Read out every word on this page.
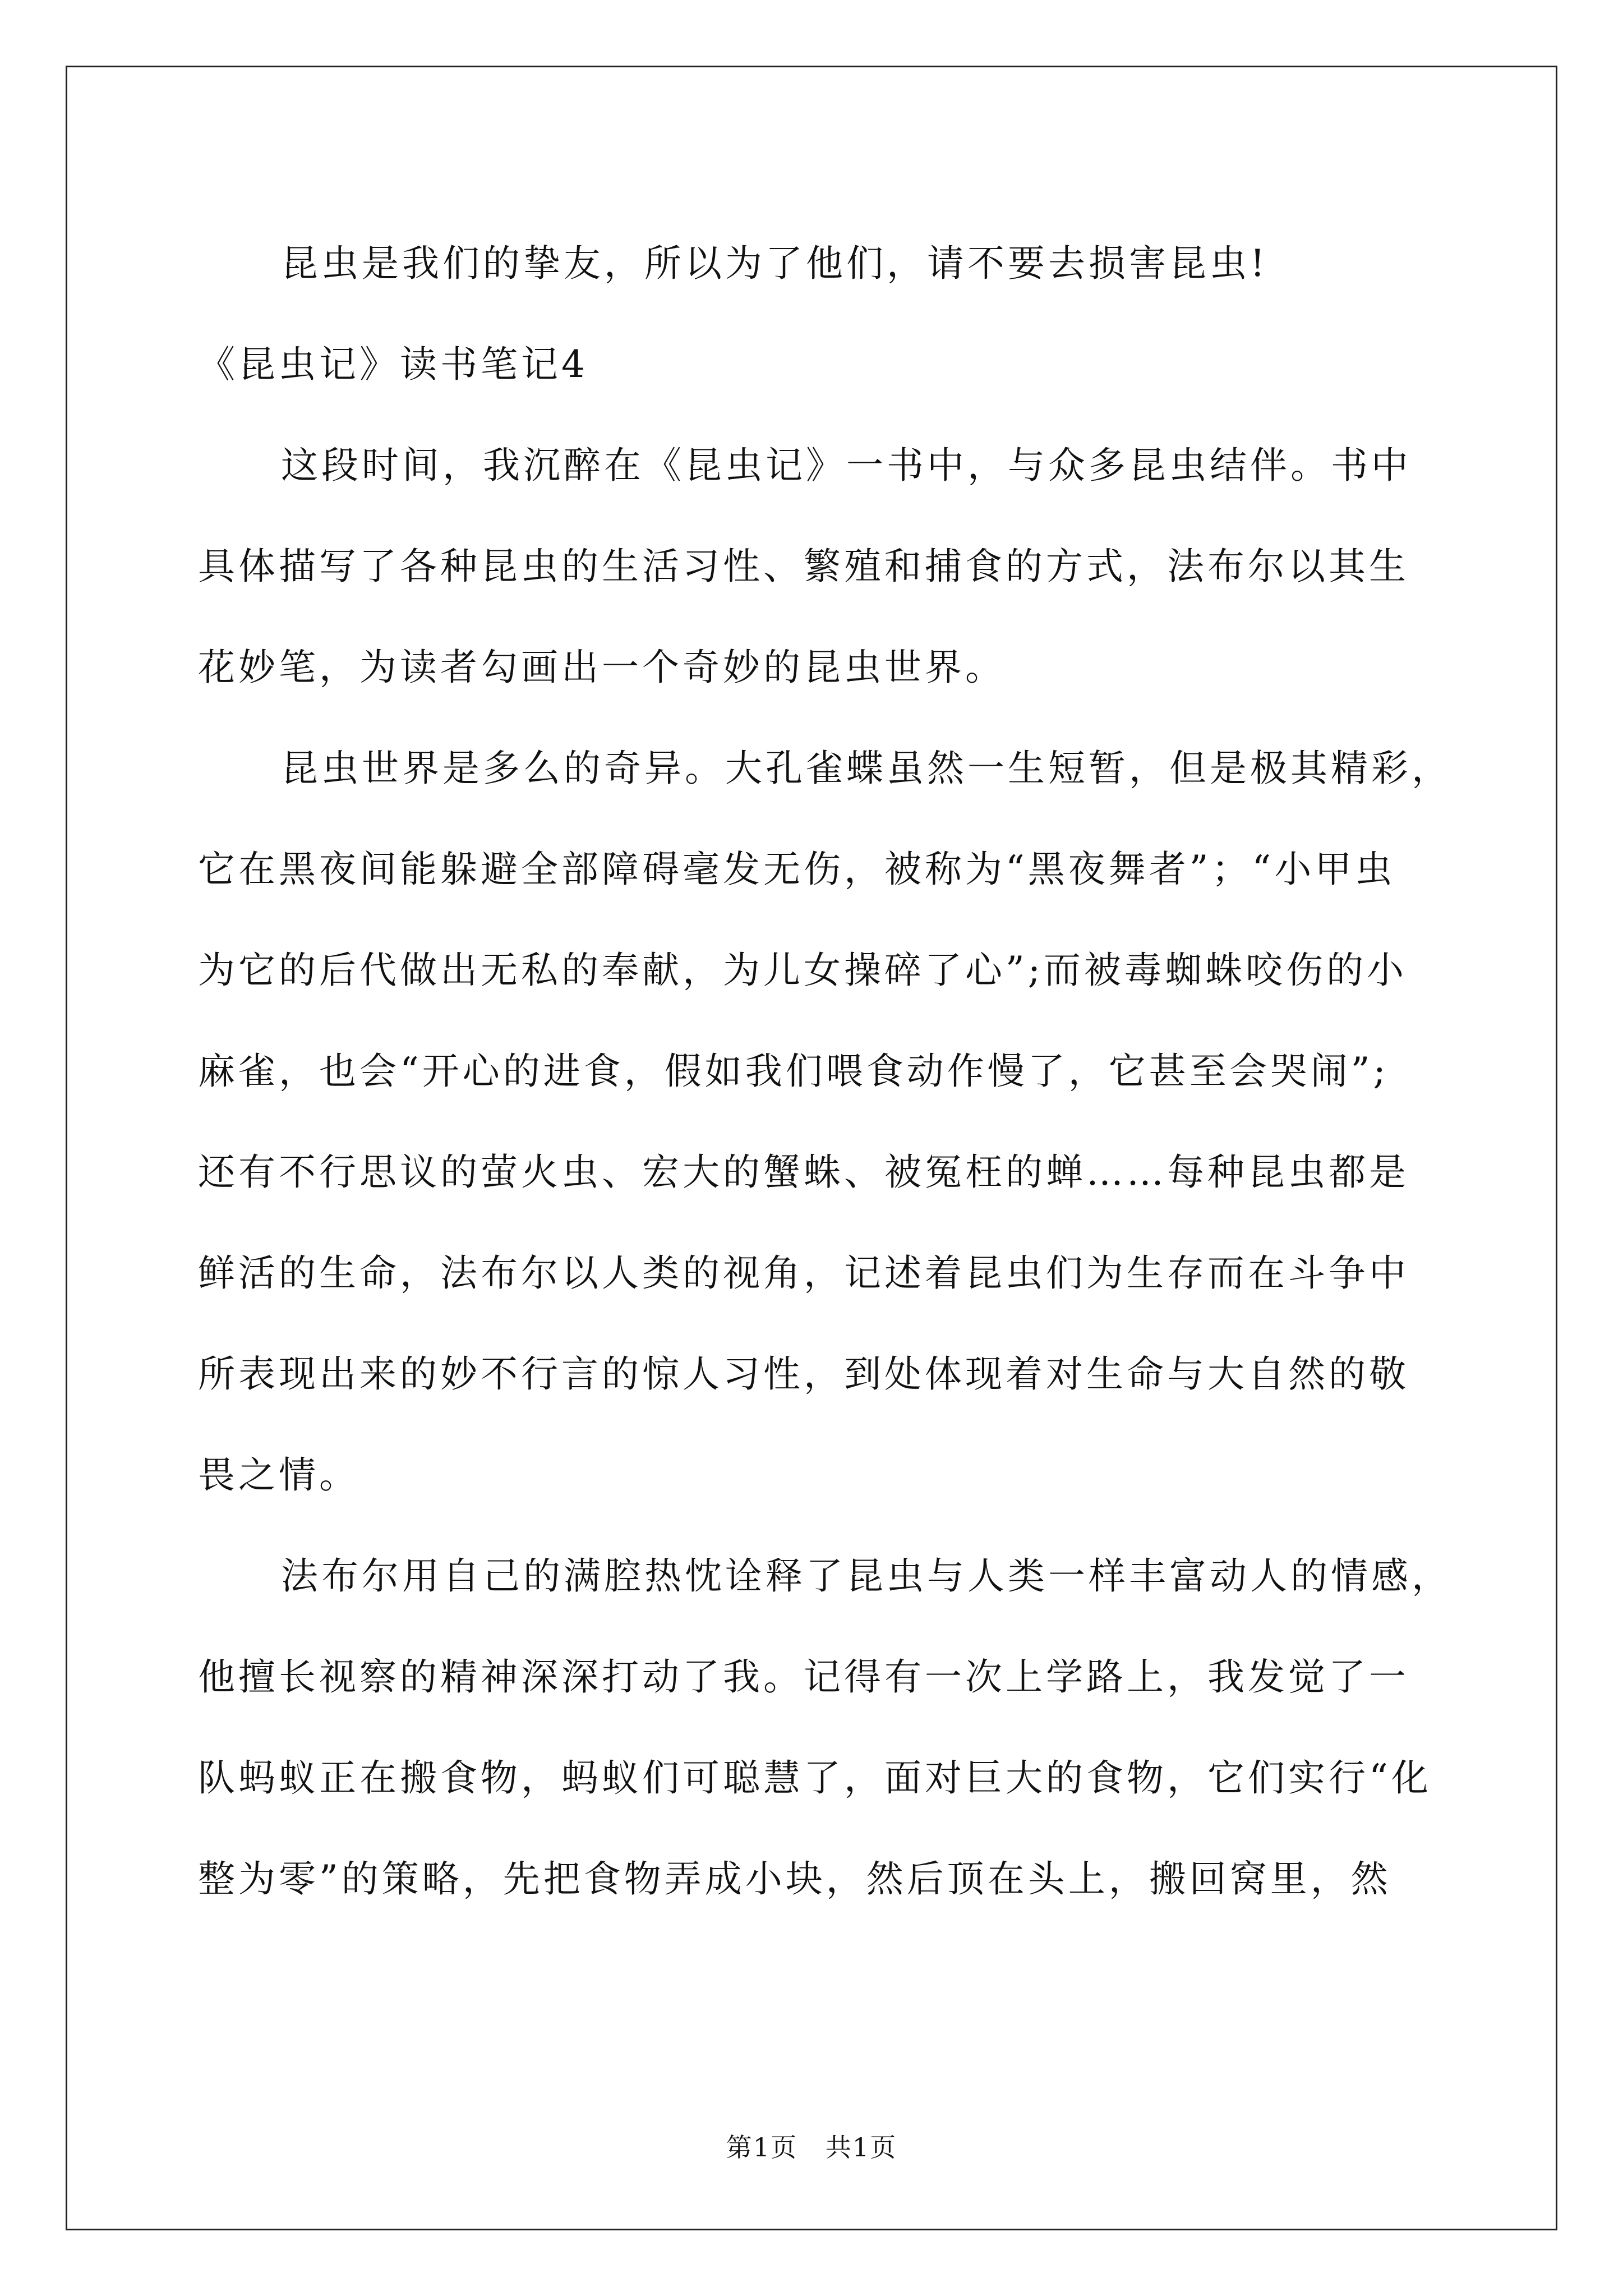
昆虫是我们的挚友，所以为了他们，请不要去损害昆虫!
《昆虫记》读书笔记4
这段时间，我沉醉在《昆虫记》一书中，与众多昆虫结伴。书中
具体描写了各种昆虫的生活习性、繁殖和捕食的方式，法布尔以其生
花妙笔，为读者勾画出一个奇妙的昆虫世界。
昆虫世界是多么的奇异。大孔雀蝶虽然一生短暂，但是极其精彩，
它在黑夜间能躲避全部障碍毫发无伤，被称为“黑夜舞者”；“小甲虫
为它的后代做出无私的奉献，为儿女操碎了心”;而被毒蜘蛛咬伤的小
麻雀，也会“开心的进食，假如我们喂食动作慢了，它甚至会哭闹”;
还有不行思议的萤火虫、宏大的蟹蛛、被冤枉的蝉……每种昆虫都是
鲜活的生命，法布尔以人类的视角，记述着昆虫们为生存而在斗争中
所表现出来的妙不行言的惊人习性，到处体现着对生命与大自然的敬
畏之情。
法布尔用自己的满腔热忱诠释了昆虫与人类一样丰富动人的情感，
他擅长视察的精神深深打动了我。记得有一次上学路上，我发觉了一
队蚂蚁正在搬食物，蚂蚁们可聪慧了，面对巨大的食物，它们实行“化
整为零”的策略，先把食物弄成小块，然后顶在头上，搬回窝里，然
第1页   共1页
